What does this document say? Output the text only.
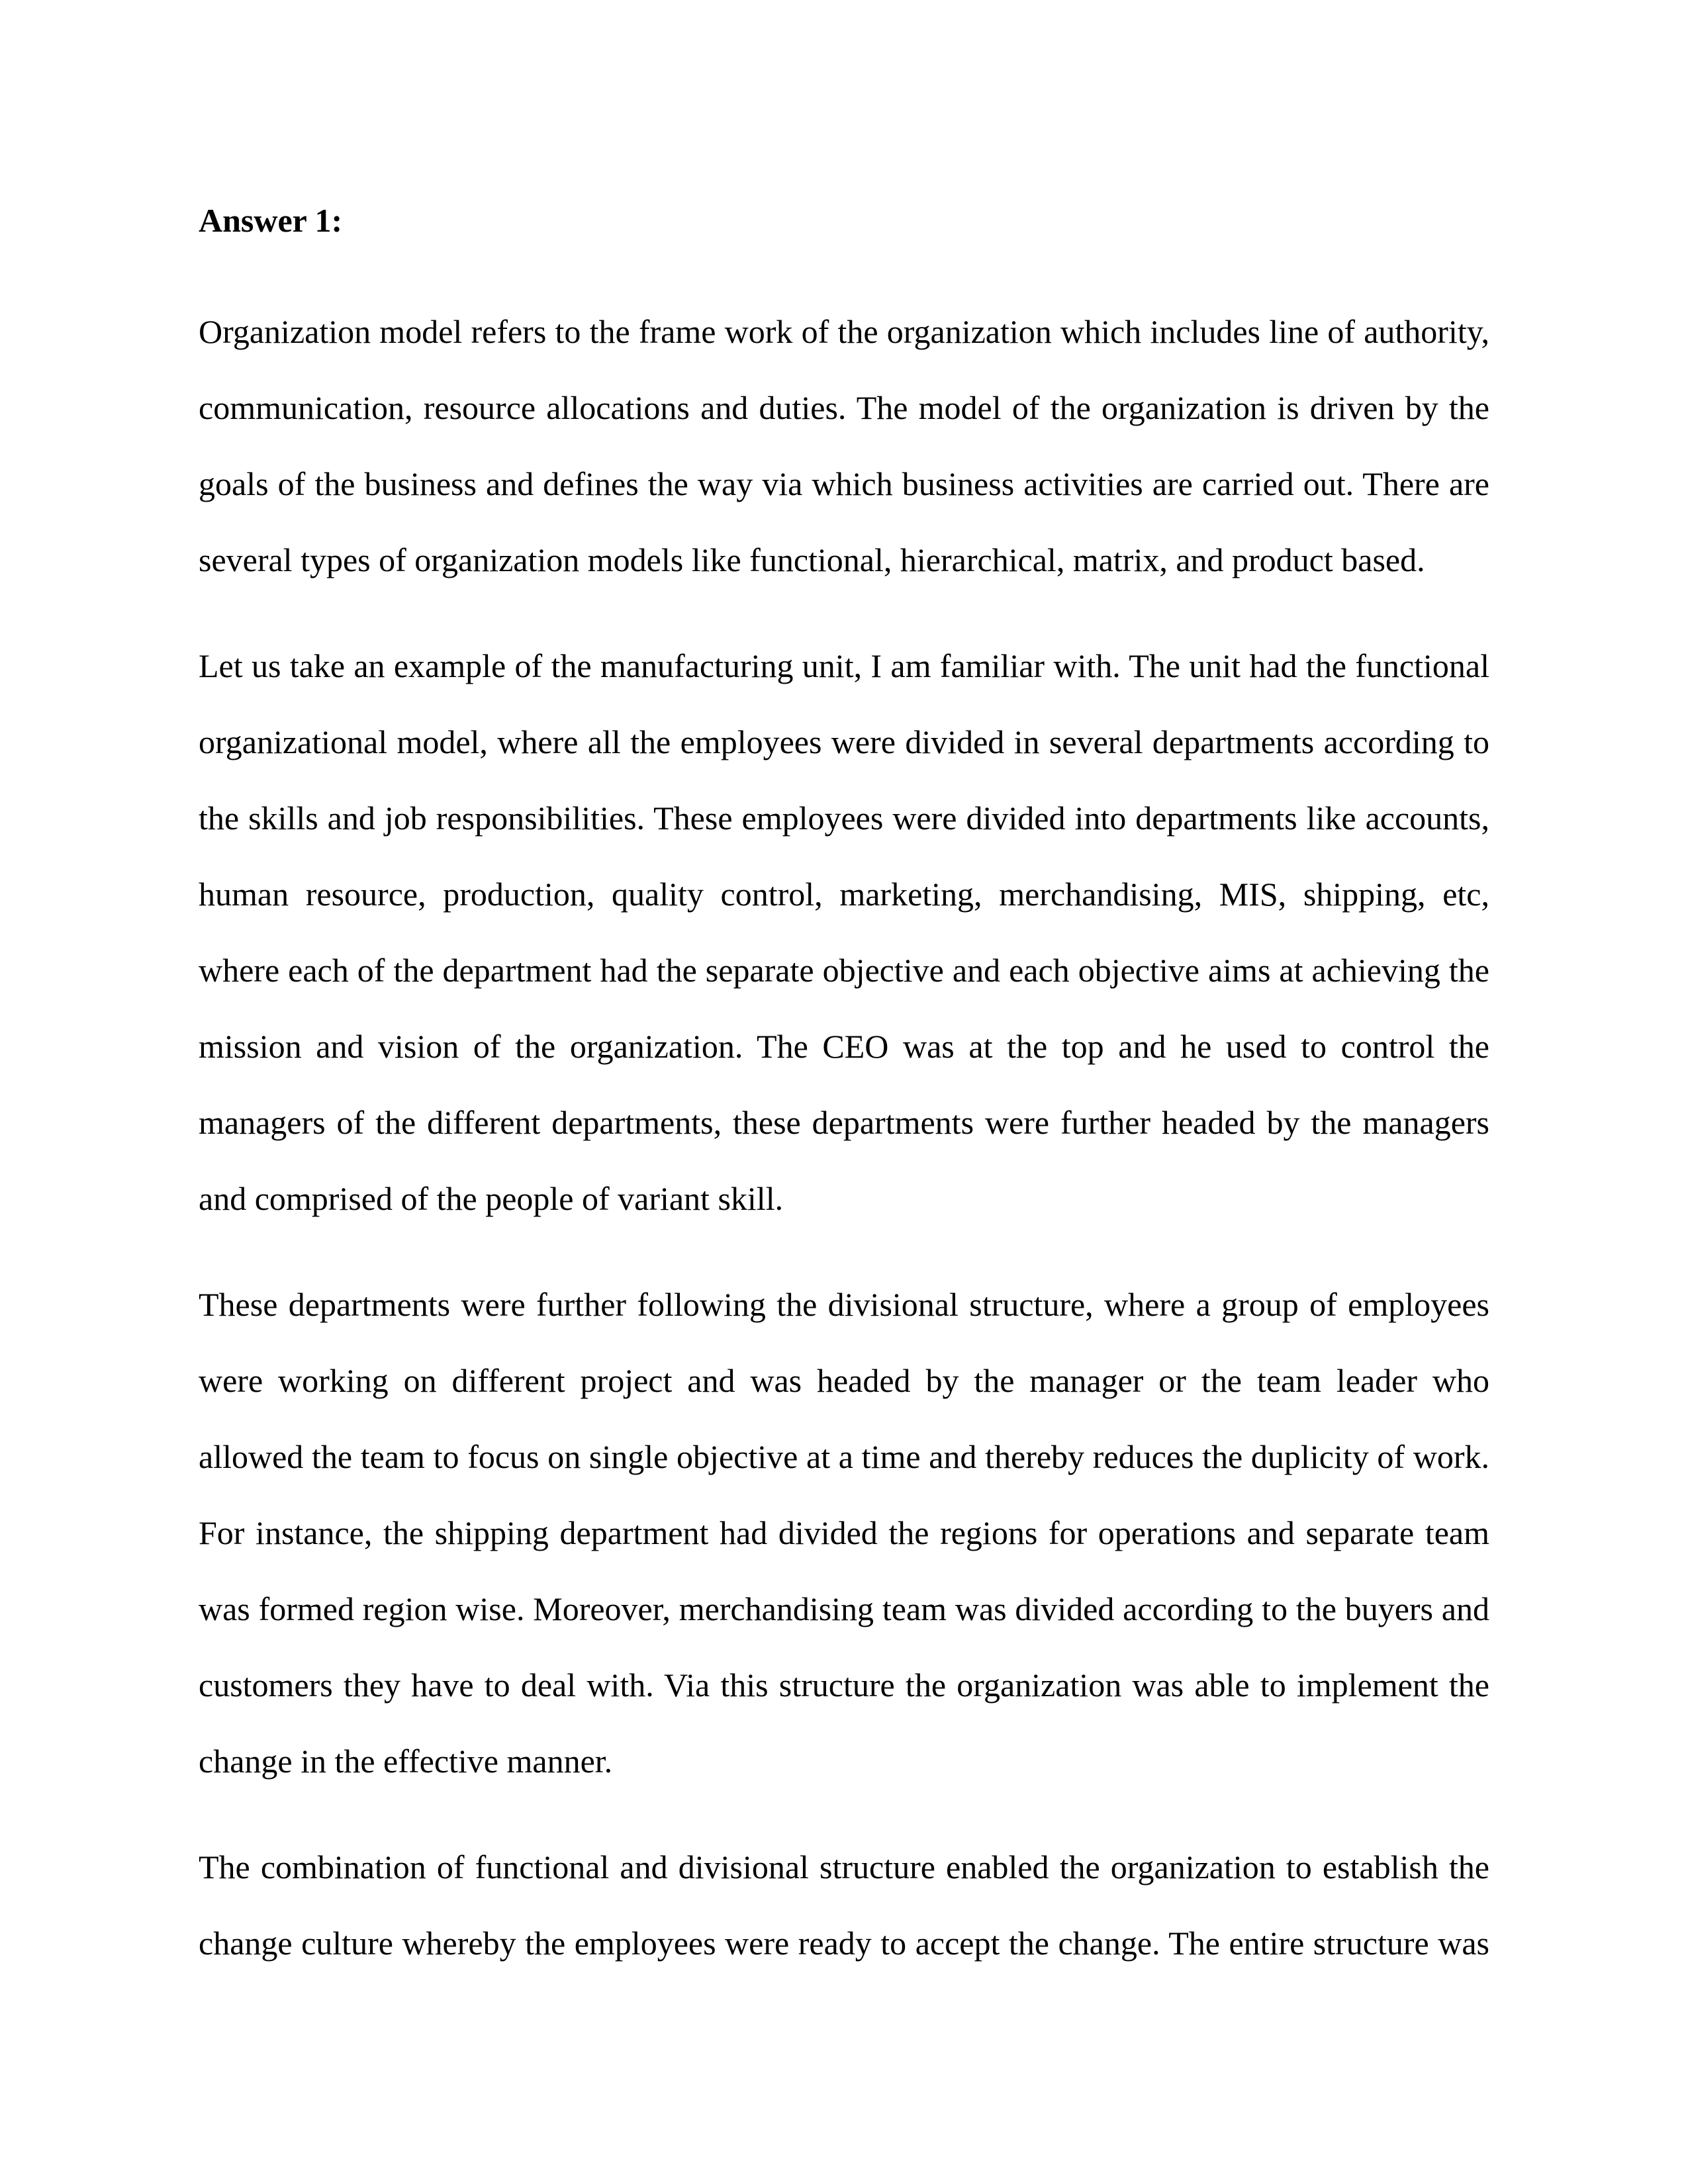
Answer 1:
Organization model refers to the frame work of the organization which includes line of authority,
communication, resource allocations and duties. The model of the organization is driven by the
goals of the business and defines the way via which business activities are carried out. There are
several types of organization models like functional, hierarchical, matrix, and product based.
Let us take an example of the manufacturing unit, I am familiar with. The unit had the functional
organizational model, where all the employees were divided in several departments according to
the skills and job responsibilities. These employees were divided into departments like accounts,
human resource, production, quality control, marketing, merchandising, MIS, shipping, etc,
where each of the department had the separate objective and each objective aims at achieving the
mission and vision of the organization. The CEO was at the top and he used to control the
managers of the different departments, these departments were further headed by the managers
and comprised of the people of variant skill.
These departments were further following the divisional structure, where a group of employees
were working on different project and was headed by the manager or the team leader who
allowed the team to focus on single objective at a time and thereby reduces the duplicity of work.
For instance, the shipping department had divided the regions for operations and separate team
was formed region wise. Moreover, merchandising team was divided according to the buyers and
customers they have to deal with. Via this structure the organization was able to implement the
change in the effective manner.
The combination of functional and divisional structure enabled the organization to establish the
change culture whereby the employees were ready to accept the change. The entire structure was
